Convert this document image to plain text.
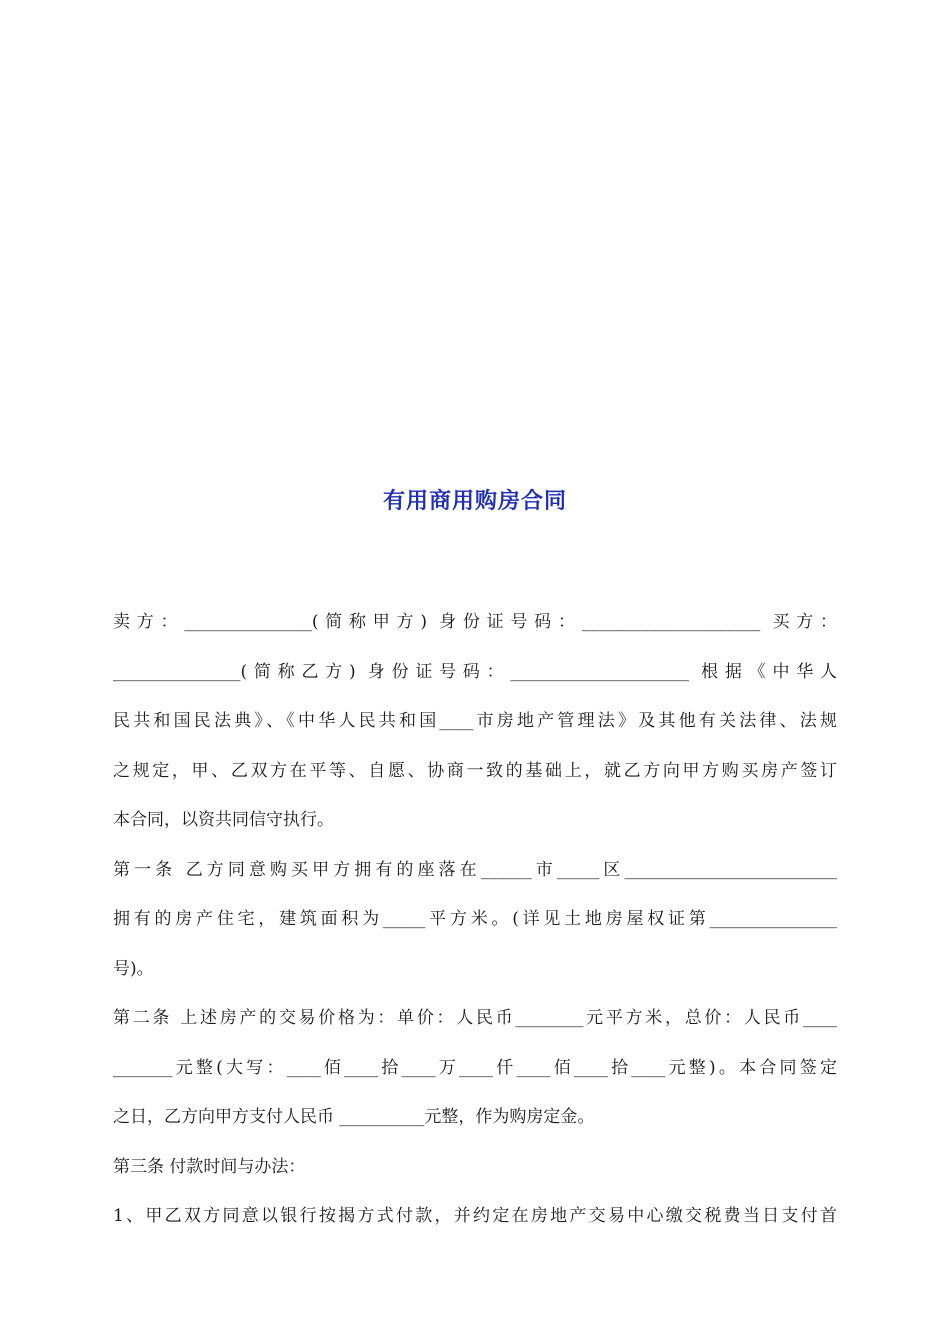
有用商用购房合同
卖方：_______________(简称甲方) 身份证号码：_____________________ 买方：
_______________(简称乙方) 身份证号码：_____________________ 根据《中华人
民共和国民法典》、《中华人民共和国____市房地产管理法》及其他有关法律、法规
之规定，甲、乙双方在平等、自愿、协商一致的基础上，就乙方向甲方购买房产签订
本合同，以资共同信守执行。
第一条 乙方同意购买甲方拥有的座落在______市_____区_________________________
拥有的房产住宅，建筑面积为_____平方米。(详见土地房屋权证第_______________
号)。
第二条 上述房产的交易价格为：单价：人民币________元平方米，总价：人民币____
_______元整(大写：____佰____拾____万____仟____佰____拾____元整)。本合同签定
之日，乙方向甲方支付人民币 __________元整，作为购房定金。
第三条 付款时间与办法：
1、甲乙双方同意以银行按揭方式付款，并约定在房地产交易中心缴交税费当日支付首
